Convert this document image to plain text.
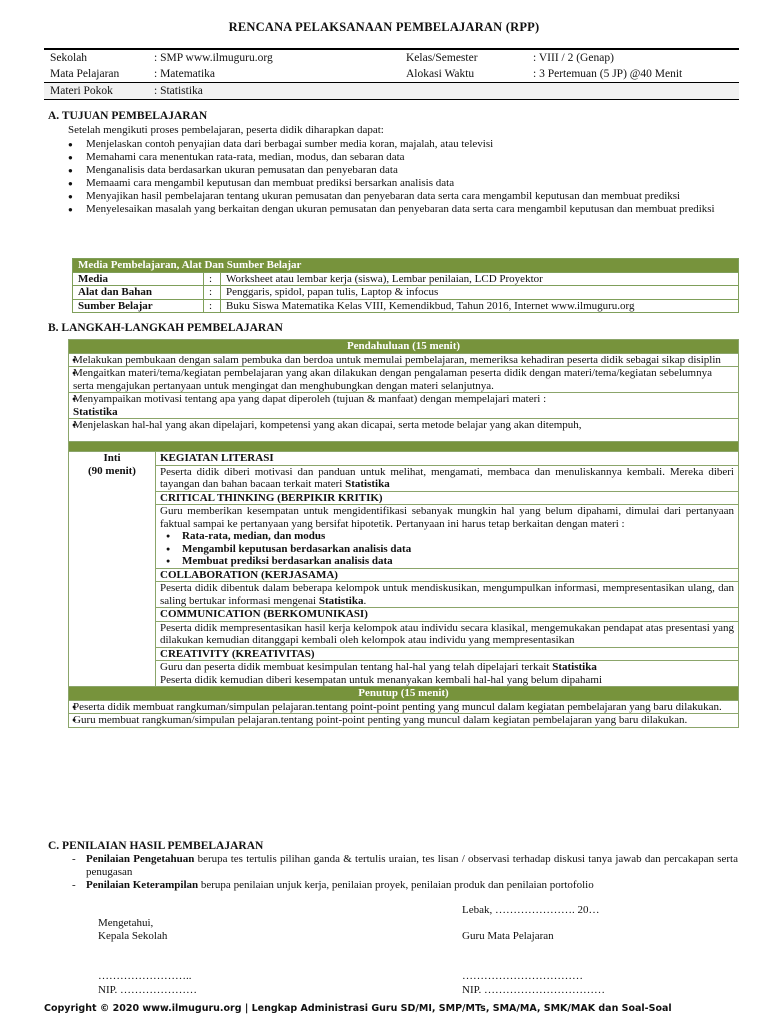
RENCANA PELAKSANAAN PEMBELAJARAN (RPP)
Sekolah	: SMP www.ilmuguru.org	Kelas/Semester	: VIII / 2 (Genap)
Mata Pelajaran	: Matematika	Alokasi Waktu	: 3 Pertemuan (5 JP) @40 Menit
Materi Pokok	: Statistika		
A. TUJUAN PEMBELAJARAN
Setelah mengikuti proses pembelajaran, peserta didik diharapkan dapat:
● Menjelaskan contoh penyajian data dari berbagai sumber media koran, majalah, atau televisi
● Memahami cara menentukan rata-rata, median, modus, dan sebaran data
● Menganalisis data berdasarkan ukuran pemusatan dan penyebaran data
● Memaami cara mengambil keputusan dan membuat prediksi bersarkan analisis data
● Menyajikan hasil pembelajaran tentang ukuran pemusatan dan penyebaran data serta cara mengambil keputusan dan membuat prediksi
● Menyelesaikan masalah yang berkaitan dengan ukuran pemusatan dan penyebaran data serta cara mengambil keputusan dan membuat prediksi
Media Pembelajaran, Alat Dan Sumber Belajar		
Media	:	Worksheet atau lembar kerja (siswa), Lembar penilaian, LCD Proyektor
Alat dan Bahan	:	Penggaris, spidol, papan tulis, Laptop & infocus
Sumber Belajar	:	Buku Siswa Matematika Kelas VIII, Kemendikbud, Tahun 2016, Internet www.ilmuguru.org
B. LANGKAH-LANGKAH PEMBELAJARAN
Pendahuluan (15 menit)
● Melakukan pembukaan dengan salam pembuka dan berdoa untuk memulai pembelajaran, memeriksa kehadiran peserta didik sebagai sikap disiplin
● Mengaitkan materi/tema/kegiatan pembelajaran yang akan dilakukan dengan pengalaman peserta didik dengan materi/tema/kegiatan sebelumnya serta mengajukan pertanyaan untuk mengingat dan menghubungkan dengan materi selanjutnya.
● Menyampaikan motivasi tentang apa yang dapat diperoleh (tujuan & manfaat) dengan mempelajari materi :
Statistika
● Menjelaskan hal-hal yang akan dipelajari, kompetensi yang akan dicapai, serta metode belajar yang akan ditempuh,

Inti
(90 menit)
	KEGIATAN LITERASI
Peserta didik diberi motivasi dan panduan untuk melihat, mengamati, membaca dan menuliskannya kembali. Mereka diberi tayangan dan bahan bacaan terkait materi Statistika
CRITICAL THINKING (BERPIKIR KRITIK)

Guru memberikan kesempatan untuk mengidentifikasi sebanyak mungkin hal yang belum dipahami, dimulai dari pertanyaan faktual sampai ke pertanyaan yang bersifat hipotetik. Pertanyaan ini harus tetap berkaitan dengan materi :
● Rata-rata, median, dan modus
● Mengambil keputusan berdasarkan analisis data
● Membuat prediksi berdasarkan analisis data

COLLABORATION (KERJASAMA)
Peserta didik dibentuk dalam beberapa kelompok untuk mendiskusikan, mengumpulkan informasi, mempresentasikan ulang, dan saling bertukar informasi mengenai Statistika.
COMMUNICATION (BERKOMUNIKASI)
Peserta didik mempresentasikan hasil kerja kelompok atau individu secara klasikal, mengemukakan pendapat atas presentasi yang dilakukan kemudian ditanggapi kembali oleh kelompok atau individu yang mempresentasikan
CREATIVITY (KREATIVITAS)
Guru dan peserta didik membuat kesimpulan tentang hal-hal yang telah dipelajari terkait Statistika
Peserta didik kemudian diberi kesempatan untuk menanyakan kembali hal-hal yang belum dipahami

Penutup (15 menit)
● Peserta didik membuat rangkuman/simpulan pelajaran.tentang point-point penting yang muncul dalam kegiatan pembelajaran yang baru dilakukan.
● Guru membuat rangkuman/simpulan pelajaran.tentang point-point penting yang muncul dalam kegiatan pembelajaran yang baru dilakukan.
C. PENILAIAN HASIL PEMBELAJARAN
- Penilaian Pengetahuan berupa tes tertulis pilihan ganda & tertulis uraian, tes lisan / observasi terhadap diskusi tanya jawab dan percakapan serta penugasan
- Penilaian Keterampilan berupa penilaian unjuk kerja, penilaian proyek, penilaian produk dan penilaian portofolio
Lebak, …………………. 20…
Mengetahui,
Kepala Sekolah	Guru Mata Pelajaran
……………………..	……………………………
NIP. …………………	NIP. ……………………………
Copyright © 2020 www.ilmuguru.org | Lengkap Administrasi Guru SD/MI, SMP/MTs, SMA/MA, SMK/MAK dan Soal-Soal
